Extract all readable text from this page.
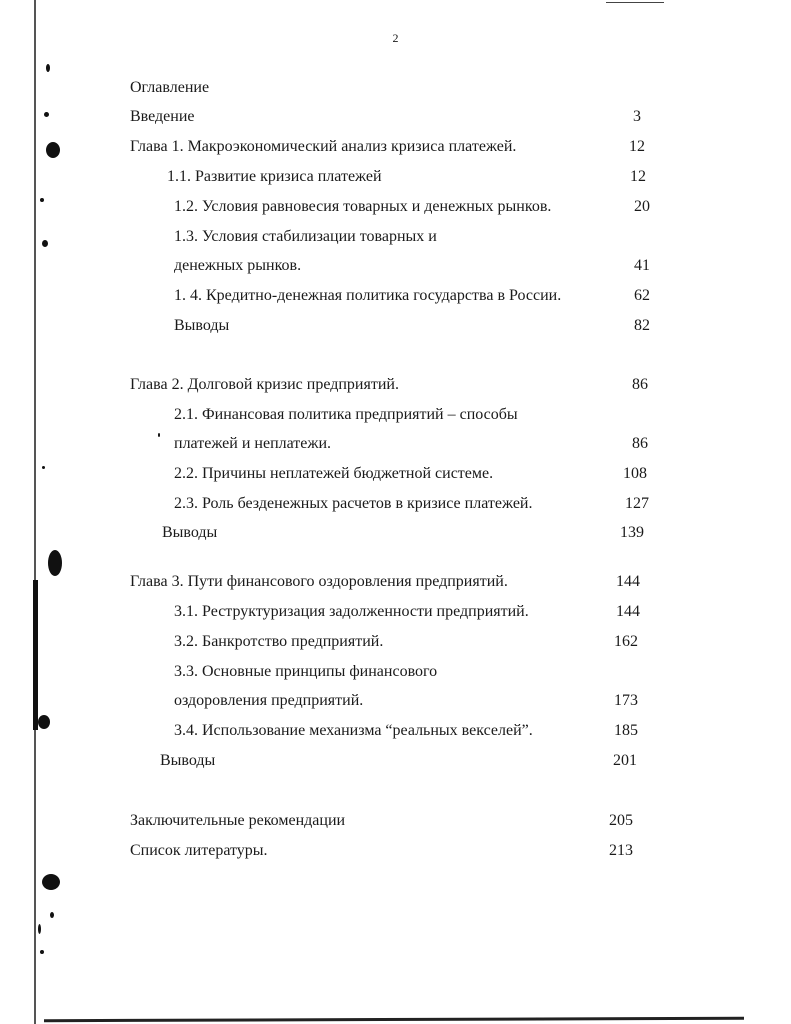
2
Оглавление
Введение	3
Глава 1. Макроэкономический анализ кризиса платежей.	12
1.1. Развитие кризиса платежей	12
1.2. Условия равновесия товарных и денежных рынков.	20
1.3. Условия стабилизации товарных и
денежных рынков.	41
1. 4. Кредитно-денежная политика государства в России.	62
Выводы	82
Глава 2. Долговой кризис предприятий.	86
2.1. Финансовая политика предприятий – способы
платежей и неплатежи.	86
2.2. Причины неплатежей бюджетной системе.	108
2.3. Роль безденежных расчетов в кризисе платежей.	127
Выводы	139
Глава 3. Пути финансового оздоровления предприятий.	144
3.1. Реструктуризация задолженности предприятий.	144
3.2. Банкротство предприятий.	162
3.3. Основные принципы финансового
оздоровления предприятий.	173
3.4. Использование механизма “реальных векселей”.	185
Выводы	201
Заключительные рекомендации	205
Список литературы.	213
